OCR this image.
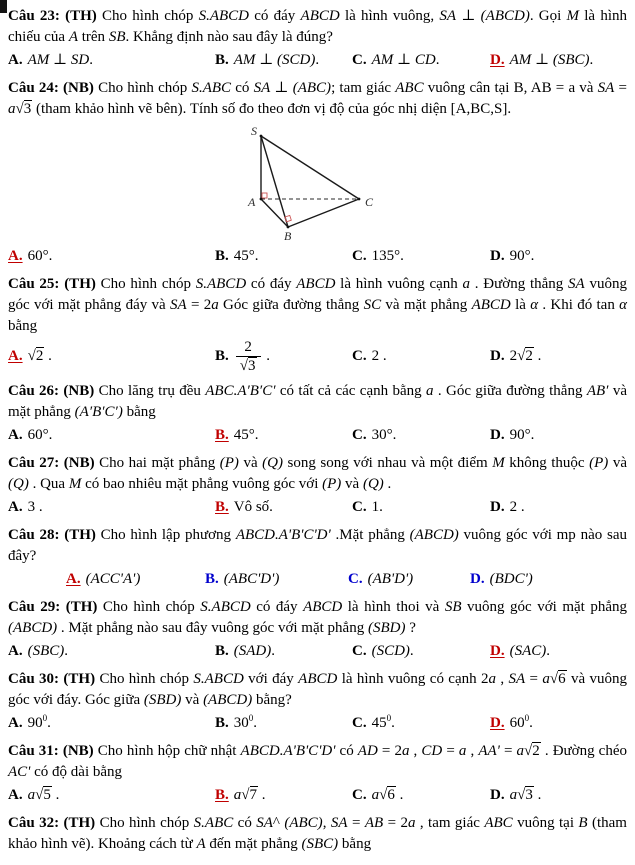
Câu 23: (TH) Cho hình chóp S.ABCD có đáy ABCD là hình vuông, SA ⊥ (ABCD). Gọi M là hình chiếu của A trên SB. Khẳng định nào sau đây là đúng?

A. AM ⊥ SD.	B. AM ⊥ (SCD).	C. AM ⊥ CD.	D. AM ⊥ (SBC).

Câu 24: (NB) Cho hình chóp S.ABC có SA ⊥ (ABC); tam giác ABC vuông cân tại B, AB = a và SA = a√3 (tham khảo hình vẽ bên). Tính số đo theo đơn vị độ của góc nhị diện [A,BC,S].

S
A
B
C
A. 60°.	B. 45°.	C. 135°.	D. 90°.

Câu 25: (TH) Cho hình chóp S.ABCD có đáy ABCD là hình vuông cạnh a . Đường thẳng SA vuông góc với mặt phẳng đáy và SA = 2a Góc giữa đường thẳng SC và mặt phẳng ABCD là α . Khi đó tan α bằng

A. √2 .	B. $\frac{2}{√3}$ .	C. 2 .	D. 2√2 .

Câu 26: (NB) Cho lăng trụ đều ABC.A′B′C′ có tất cả các cạnh bằng a . Góc giữa đường thẳng AB′ và mặt phẳng (A′B′C′) bằng

A. 60°.	B. 45°.	C. 30°.	D. 90°.

Câu 27: (NB) Cho hai mặt phẳng (P) và (Q) song song với nhau và một điểm M không thuộc (P) và (Q) . Qua M có bao nhiêu mặt phẳng vuông góc với (P) và (Q) .

A. 3 .	B. Vô số.	C. 1.	D. 2 .

Câu 28: (TH) Cho hình lập phương ABCD.A'B'C'D' .Mặt phẳng (ABCD) vuông góc với mp nào sau đây?

A. (ACC'A')	B. (ABC'D')	C. (AB'D')	D. (BDC')

Câu 29: (TH) Cho hình chóp S.ABCD có đáy ABCD là hình thoi và SB vuông góc với mặt phẳng (ABCD) . Mặt phẳng nào sau đây vuông góc với mặt phẳng (SBD) ?

A. (SBC).	B. (SAD).	C. (SCD).	D. (SAC).

Câu 30: (TH) Cho hình chóp S.ABCD với đáy ABCD là hình vuông có cạnh 2a , SA = a√6 và vuông góc với đáy. Góc giữa (SBD) và (ABCD) bằng?

A. $90^0$.	B. $30^0$.	C. $45^0$.	D. $60^0$.

Câu 31: (NB) Cho hình hộp chữ nhật ABCD.A'B'C'D' có AD = 2a , CD = a , AA' = a√2 . Đường chéo AC' có độ dài bằng

A. a√5 .	B. a√7 .	C. a√6 .	D. a√3 .

Câu 32: (TH) Cho hình chóp S.ABC có SA^ (ABC), SA = AB = 2a , tam giác ABC vuông tại B (tham khảo hình vẽ). Khoảng cách từ A đến mặt phẳng (SBC) bằng
